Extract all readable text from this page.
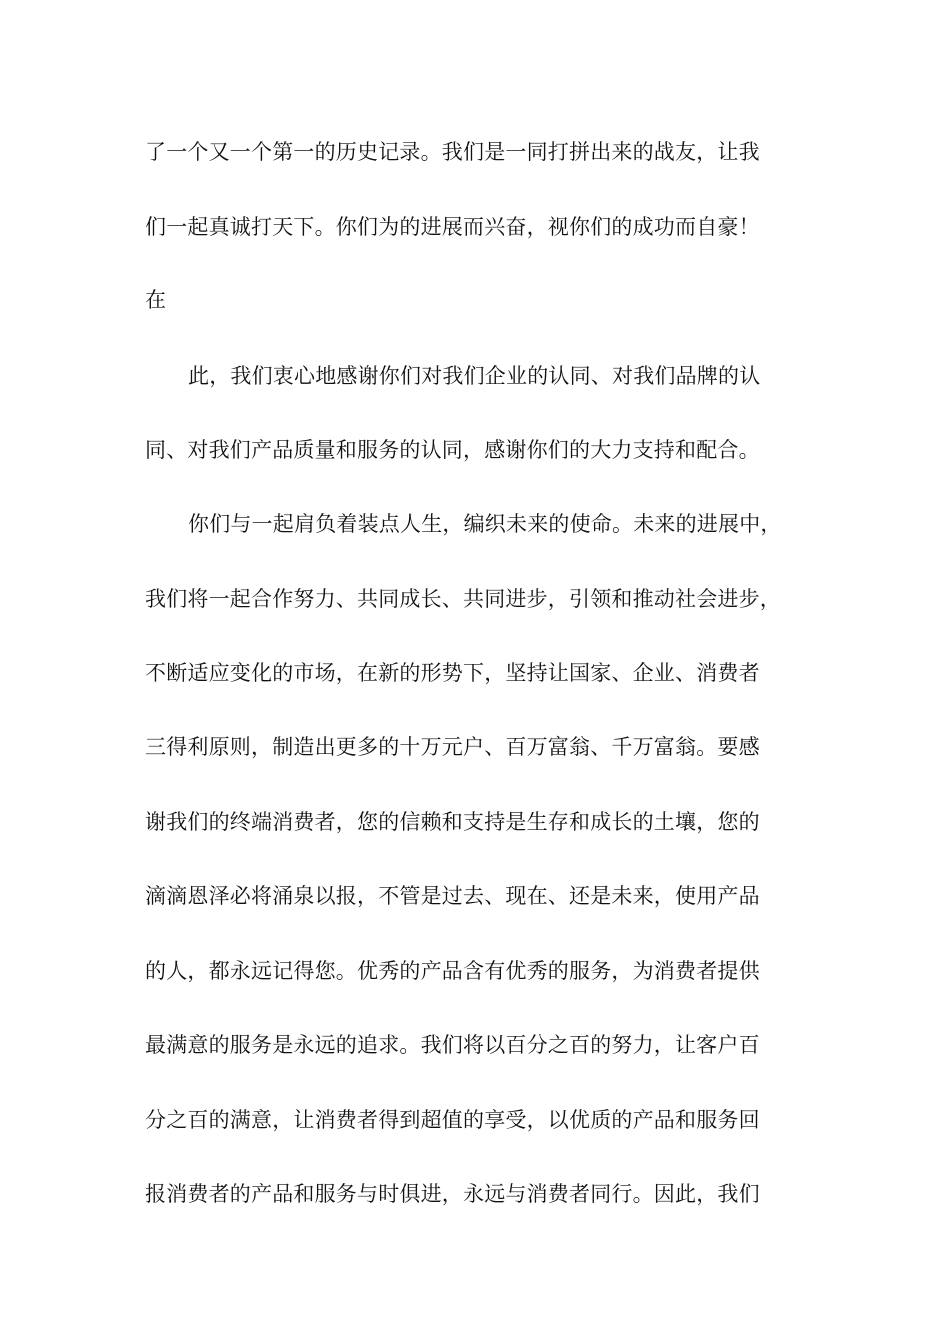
了一个又一个第一的历史记录。我们是一同打拼出来的战友，让我
们一起真诚打天下。你们为的进展而兴奋，视你们的成功而自豪！
在
此，我们衷心地感谢你们对我们企业的认同、对我们品牌的认
同、对我们产品质量和服务的认同，感谢你们的大力支持和配合。
你们与一起肩负着装点人生，编织未来的使命。未来的进展中，
我们将一起合作努力、共同成长、共同进步，引领和推动社会进步，
不断适应变化的市场，在新的形势下，坚持让国家、企业、消费者
三得利原则，制造出更多的十万元户、百万富翁、千万富翁。要感
谢我们的终端消费者，您的信赖和支持是生存和成长的土壤，您的
滴滴恩泽必将涌泉以报，不管是过去、现在、还是未来，使用产品
的人，都永远记得您。优秀的产品含有优秀的服务，为消费者提供
最满意的服务是永远的追求。我们将以百分之百的努力，让客户百
分之百的满意，让消费者得到超值的享受，以优质的产品和服务回
报消费者的产品和服务与时俱进，永远与消费者同行。因此，我们
